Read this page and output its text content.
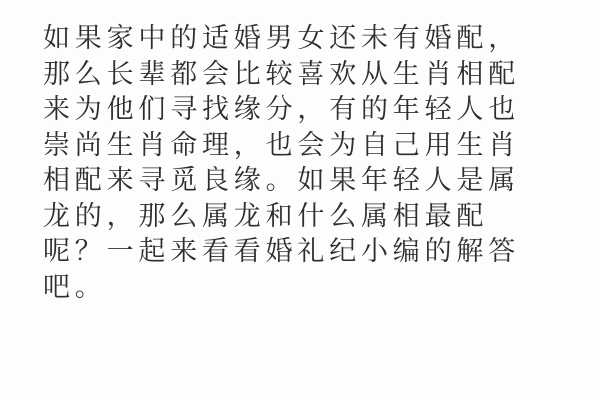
如果家中的适婚男女还未有婚配，
那么长辈都会比较喜欢从生肖相配
来为他们寻找缘分，有的年轻人也
崇尚生肖命理，也会为自己用生肖
相配来寻觅良缘。如果年轻人是属
龙的，那么属龙和什么属相最配
呢？一起来看看婚礼纪小编的解答
吧。
